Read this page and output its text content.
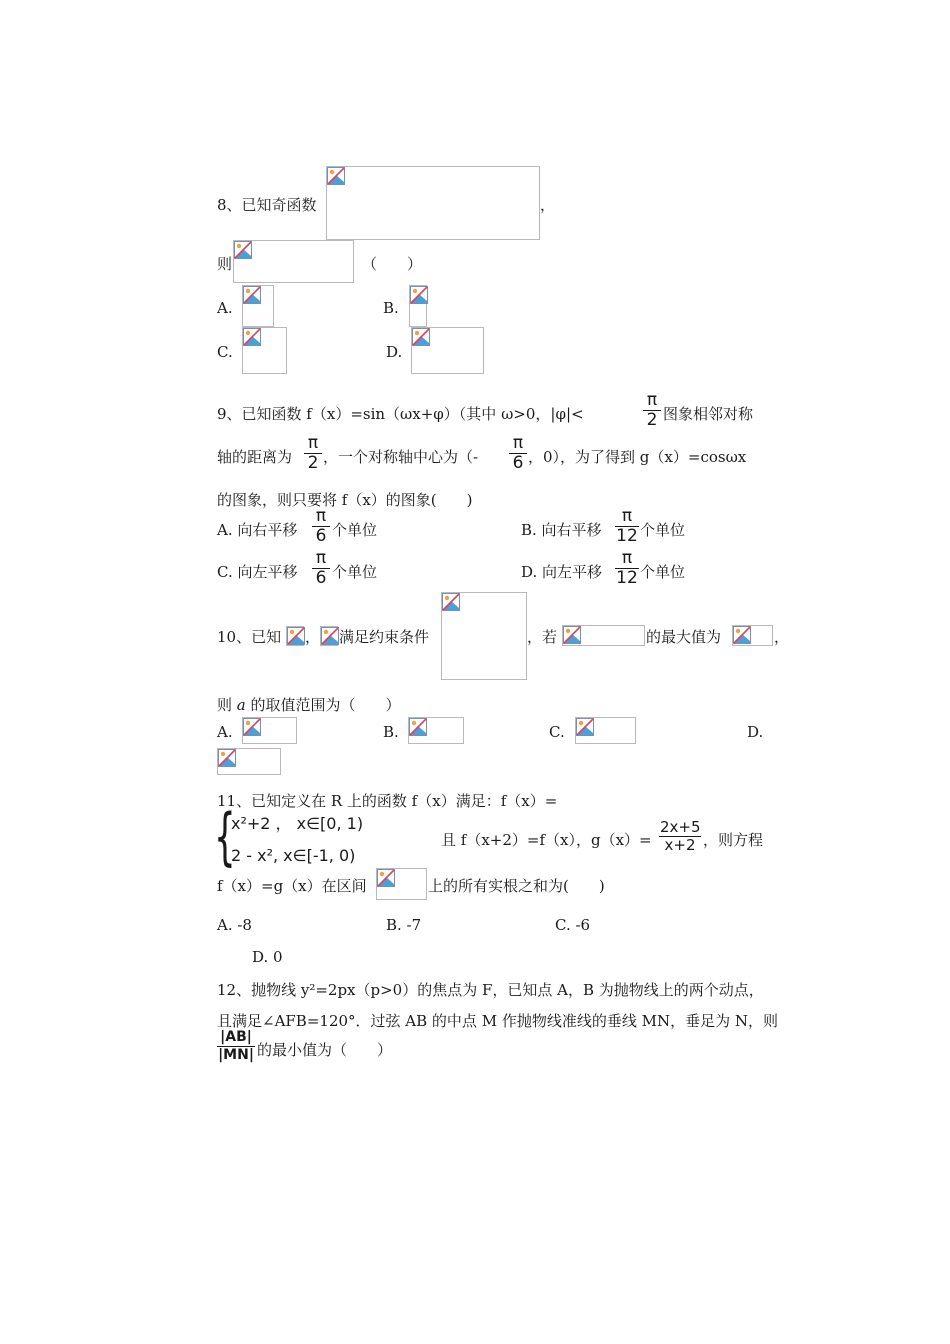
8、已知奇函数	，
则	（　　）
A.	B.
C.	D.
9、已知函数 f（x）=sin（ωx+φ）（其中 ω>0，|φ|<
π
2 图象相邻对称
轴的距离为
π
2 ，一个对称轴中心为（-
π
6 ，0），为了得到 g（x）=cosωx
的图象，则只要将 f（x）的图象(　　)
A. 向右平移
π
6 个单位	B. 向右平移
π
12 个单位
C. 向左平移
π
6 个单位	D. 向左平移
π
12 个单位
10、已知 ， 满足约束条件	，若	的最大值为	，
则 a 的取值范围为（　　）
A.	B.	C.	D.
11、已知定义在 R 上的函数 f（x）满足：f（x）=
{
x²+2 ， x∈[0, 1)
2 - x², x∈[-1, 0)
且 f（x+2）=f（x），g（x）=
2x+5
x+2 ，则方程
f（x）=g（x）在区间	上的所有实根之和为(　　)
A. -8	B. -7	C. -6
D. 0
12、抛物线 y²=2px（p>0）的焦点为 F，已知点 A，B 为抛物线上的两个动点，
且满足∠AFB=120°．过弦 AB 的中点 M 作抛物线准线的垂线 MN，垂足为 N，则
|AB|
|MN| 的最小值为（　　）
